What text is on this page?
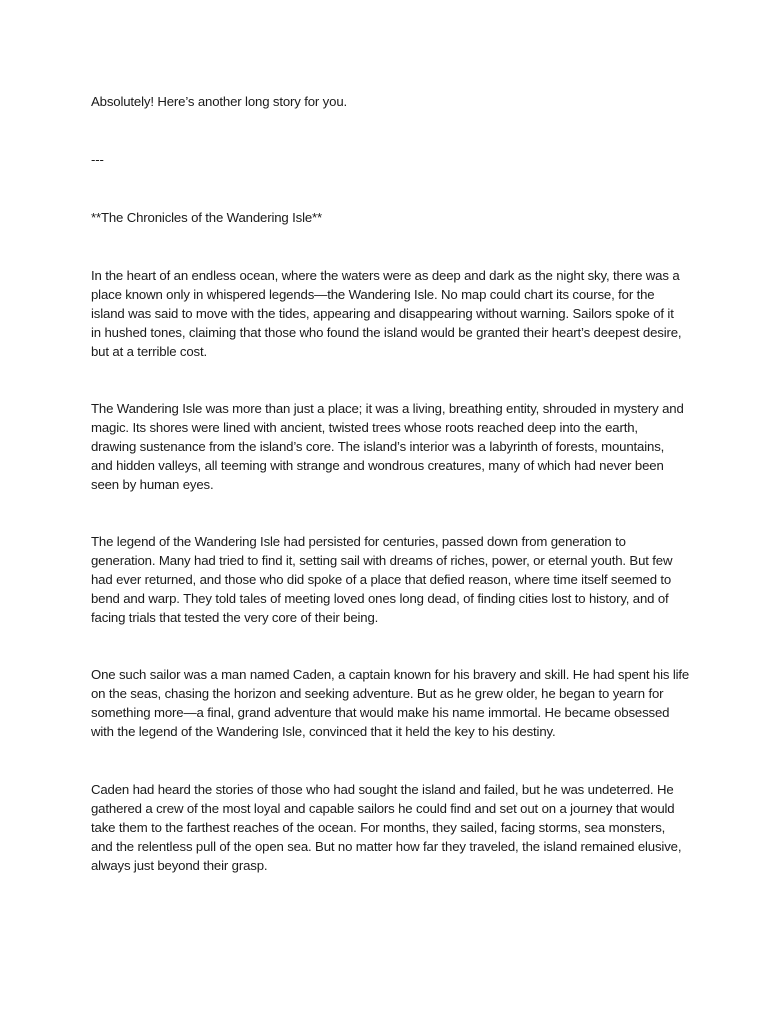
Absolutely! Here’s another long story for you.
---
**The Chronicles of the Wandering Isle**
In the heart of an endless ocean, where the waters were as deep and dark as the night sky, there was a
place known only in whispered legends—the Wandering Isle. No map could chart its course, for the
island was said to move with the tides, appearing and disappearing without warning. Sailors spoke of it
in hushed tones, claiming that those who found the island would be granted their heart’s deepest desire,
but at a terrible cost.
The Wandering Isle was more than just a place; it was a living, breathing entity, shrouded in mystery and
magic. Its shores were lined with ancient, twisted trees whose roots reached deep into the earth,
drawing sustenance from the island’s core. The island’s interior was a labyrinth of forests, mountains,
and hidden valleys, all teeming with strange and wondrous creatures, many of which had never been
seen by human eyes.
The legend of the Wandering Isle had persisted for centuries, passed down from generation to
generation. Many had tried to find it, setting sail with dreams of riches, power, or eternal youth. But few
had ever returned, and those who did spoke of a place that defied reason, where time itself seemed to
bend and warp. They told tales of meeting loved ones long dead, of finding cities lost to history, and of
facing trials that tested the very core of their being.
One such sailor was a man named Caden, a captain known for his bravery and skill. He had spent his life
on the seas, chasing the horizon and seeking adventure. But as he grew older, he began to yearn for
something more—a final, grand adventure that would make his name immortal. He became obsessed
with the legend of the Wandering Isle, convinced that it held the key to his destiny.
Caden had heard the stories of those who had sought the island and failed, but he was undeterred. He
gathered a crew of the most loyal and capable sailors he could find and set out on a journey that would
take them to the farthest reaches of the ocean. For months, they sailed, facing storms, sea monsters,
and the relentless pull of the open sea. But no matter how far they traveled, the island remained elusive,
always just beyond their grasp.
